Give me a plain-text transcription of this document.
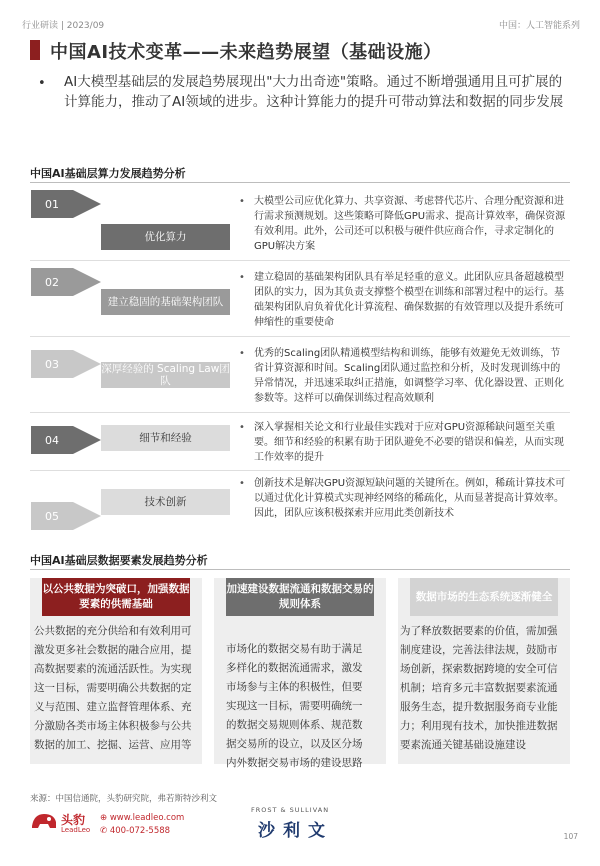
行业研读 | 2023/09	中国：人工智能系列
中国AI技术变革——未来趋势展望（基础设施）
• AI大模型基础层的发展趋势展现出"大力出奇迹"策略。通过不断增强通用且可扩展的计算能力，推动了AI领域的进步。这种计算能力的提升可带动算法和数据的同步发展
中国AI基础层算力发展趋势分析
01
优化算力
• 大模型公司应优化算力、共享资源、考虑替代芯片、合理分配资源和进行需求预测规划。这些策略可降低GPU需求、提高计算效率，确保资源有效利用。此外，公司还可以积极与硬件供应商合作，寻求定制化的GPU解决方案
02
建立稳固的基础架构团队
• 建立稳固的基础架构团队具有举足轻重的意义。此团队应具备超越模型团队的实力，因为其负责支撑整个模型在训练和部署过程中的运行。基础架构团队肩负着优化计算流程、确保数据的有效管理以及提升系统可伸缩性的重要使命
03	深厚经验的 Scaling Law团队
• 优秀的Scaling团队精通模型结构和训练，能够有效避免无效训练，节省计算资源和时间。Scaling团队通过监控和分析，及时发现训练中的异常情况，并迅速采取纠正措施，如调整学习率、优化器设置、正则化参数等。这样可以确保训练过程高效顺利
04	细节和经验
• 深入掌握相关论文和行业最佳实践对于应对GPU资源稀缺问题至关重要。细节和经验的积累有助于团队避免不必要的错误和偏差，从而实现工作效率的提升
05
技术创新
• 创新技术是解决GPU资源短缺问题的关键所在。例如，稀疏计算技术可以通过优化计算模式实现神经网络的稀疏化，从而显著提高计算效率。因此，团队应该积极探索并应用此类创新技术
中国AI基础层数据要素发展趋势分析
以公共数据为突破口，加强数据要素的供需基础
公共数据的充分供给和有效利用可
激发更多社会数据的融合应用，提
高数据要素的流通活跃性。为实现
这一目标，需要明确公共数据的定
义与范围、建立监督管理体系、充
分激励各类市场主体积极参与公共
数据的加工、挖掘、运营、应用等
加速建设数据流通和数据交易的规则体系
市场化的数据交易有助于满足
多样化的数据流通需求，激发
市场参与主体的积极性，但要
实现这一目标，需要明确统一
的数据交易规则体系、规范数
据交易所的设立，以及区分场
内外数据交易市场的建设思路
数据市场的生态系统逐渐健全
为了释放数据要素的价值，需加强
制度建设，完善法律法规，鼓励市
场创新，探索数据跨境的安全可信
机制；培育多元丰富数据要素流通
服务生态，提升数据服务商专业能
力；利用现有技术，加快推进数据
要素流通关键基础设施建设
来源：中国信通院，头豹研究院，弗若斯特沙利文
头豹
LeadLeo
⊕ www.leadleo.com
✆ 400-072-5588
FROST & SULLIVAN
沙利文	107
